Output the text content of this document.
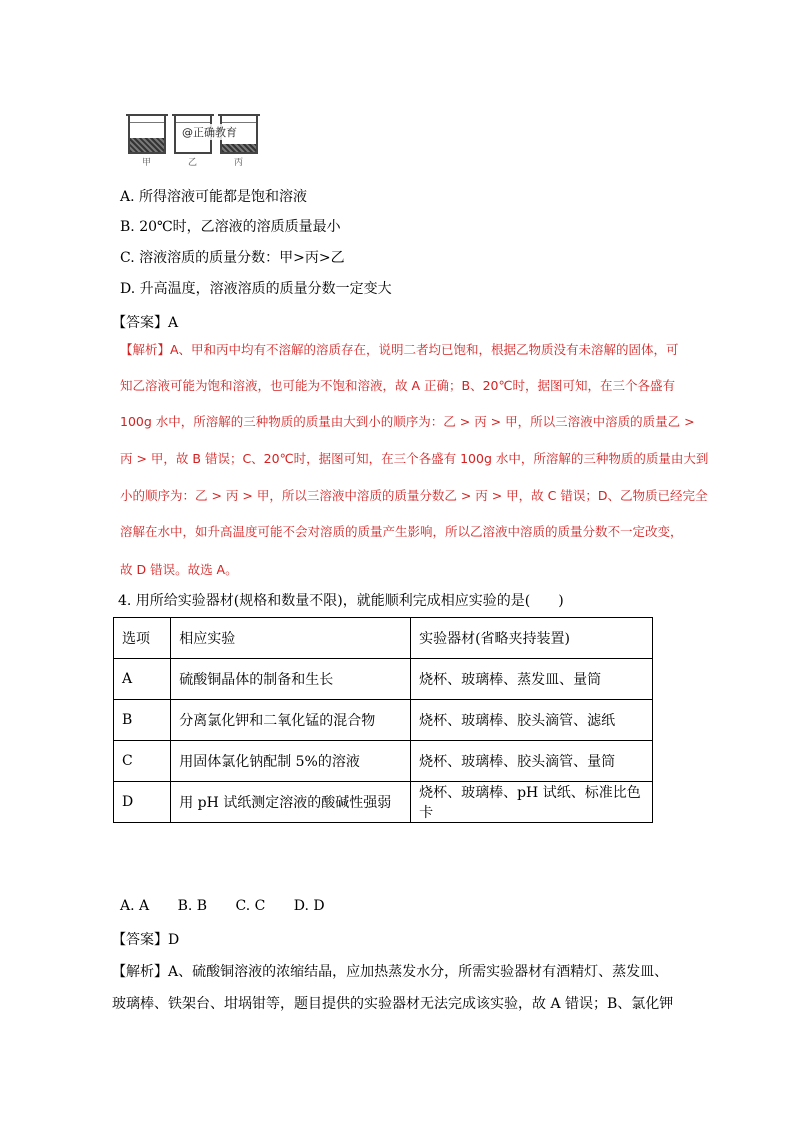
甲	乙	丙
@正确教育
A. 所得溶液可能都是饱和溶液
B. 20℃时，乙溶液的溶质质量最小
C. 溶液溶质的质量分数：甲>丙>乙
D. 升高温度，溶液溶质的质量分数一定变大
【答案】A
【解析】A、甲和丙中均有不溶解的溶质存在，说明二者均已饱和，根据乙物质没有未溶解的固体，可
知乙溶液可能为饱和溶液，也可能为不饱和溶液，故 A 正确；B、20℃时，据图可知，在三个各盛有
100g 水中，所溶解的三种物质的质量由大到小的顺序为：乙 > 丙 > 甲，所以三溶液中溶质的质量乙 >
丙 > 甲，故 B 错误；C、20℃时，据图可知，在三个各盛有 100g 水中，所溶解的三种物质的质量由大到
小的顺序为：乙 > 丙 > 甲，所以三溶液中溶质的质量分数乙 > 丙 > 甲，故 C 错误；D、乙物质已经完全
溶解在水中，如升高温度可能不会对溶质的质量产生影响，所以乙溶液中溶质的质量分数不一定改变，
故 D 错误。故选 A。
4. 用所给实验器材(规格和数量不限)，就能顺利完成相应实验的是(　　)
选项	相应实验	实验器材(省略夹持装置)
A	硫酸铜晶体的制备和生长	烧杯、玻璃棒、蒸发皿、量筒
B	分离氯化钾和二氧化锰的混合物	烧杯、玻璃棒、胶头滴管、滤纸
C	用固体氯化钠配制 5%的溶液	烧杯、玻璃棒、胶头滴管、量筒
D	用 pH 试纸测定溶液的酸碱性强弱	烧杯、玻璃棒、pH 试纸、标准比色卡
A. A B. B C. C D. D
【答案】D
【解析】A、硫酸铜溶液的浓缩结晶，应加热蒸发水分，所需实验器材有酒精灯、蒸发皿、
玻璃棒、铁架台、坩埚钳等，题目提供的实验器材无法完成该实验，故 A 错误；B、氯化钾
